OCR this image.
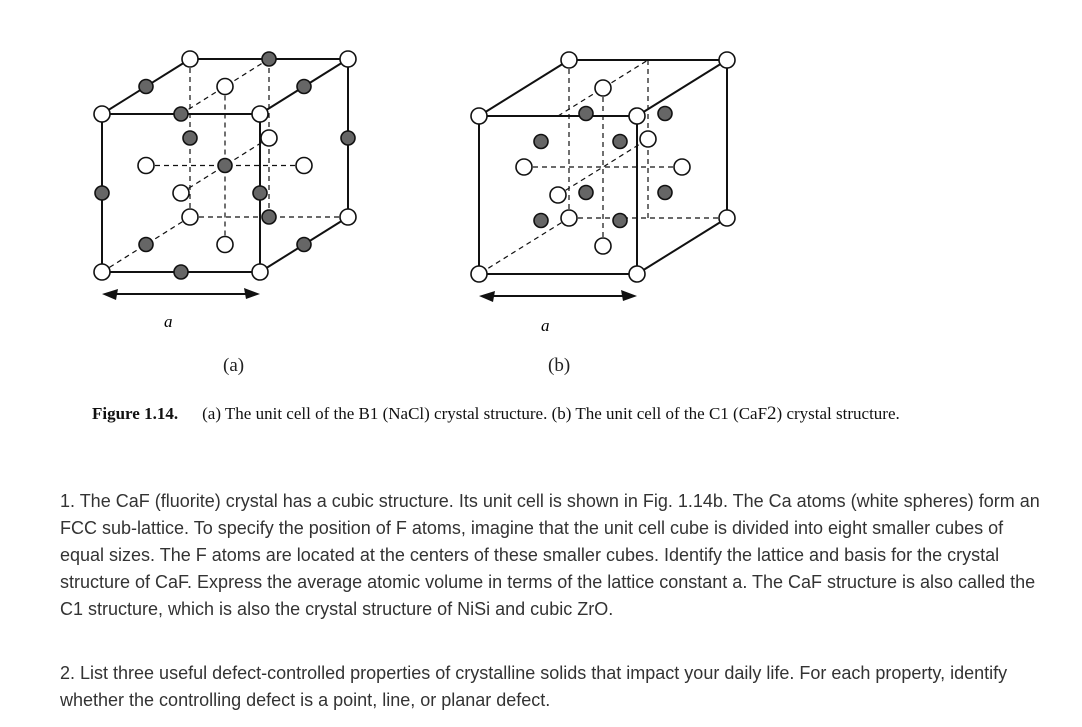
a	a
(a)	(b)
Figure 1.14. (a) The unit cell of the B1 (NaCl) crystal structure. (b) The unit cell of the C1 (CaF2) crystal structure.
1. The CaF (fluorite) crystal has a cubic structure. Its unit cell is shown in Fig. 1.14b. The Ca atoms (white spheres) form an FCC sub-lattice. To specify the position of F atoms, imagine that the unit cell cube is divided into eight smaller cubes of equal sizes. The F atoms are located at the centers of these smaller cubes. Identify the lattice and basis for the crystal structure of CaF. Express the average atomic volume in terms of the lattice constant a. The CaF structure is also called the C1 structure, which is also the crystal structure of NiSi and cubic ZrO.
2. List three useful defect-controlled properties of crystalline solids that impact your daily life. For each property, identify whether the controlling defect is a point, line, or planar defect.
